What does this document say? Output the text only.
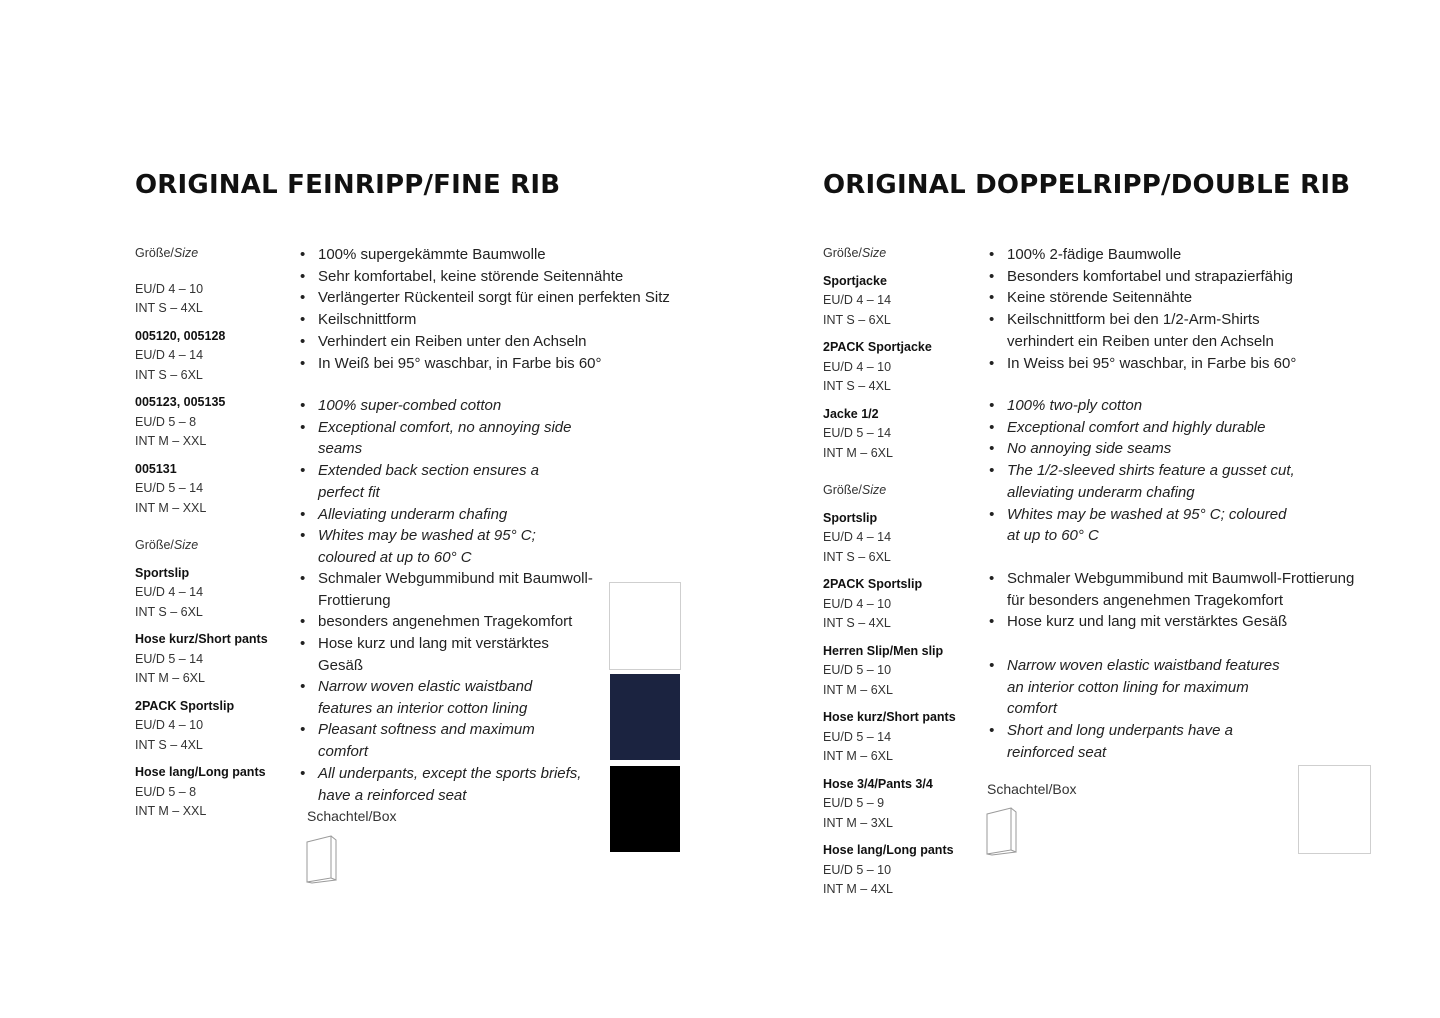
ORIGINAL FEINRIPP/FINE RIB
Größe/Size
EU/D 4 – 10
INT S – 4XL
005120, 005128
EU/D 4 – 14
INT S – 6XL
005123, 005135
EU/D 5 – 8
INT M – XXL
005131
EU/D 5 – 14
INT M – XXL
Größe/Size
Sportslip
EU/D 4 – 14
INT S – 6XL
Hose kurz/Short pants
EU/D 5 – 14
INT M – 6XL
2PACK Sportslip
EU/D 4 – 10
INT S – 4XL
Hose lang/Long pants
EU/D 5 – 8
INT M – XXL
• 100% supergekämmte Baumwolle
• Sehr komfortabel, keine störende Seitennähte
• Verlängerter Rückenteil sorgt für einen perfekten Sitz
• Keilschnittform
• Verhindert ein Reiben unter den Achseln
• In Weiß bei 95° waschbar, in Farbe bis 60°
• 100% super-combed cotton
• Exceptional comfort, no annoying side seams
• Extended back section ensures a perfect fit
• Alleviating underarm chafing
• Whites may be washed at 95° C; coloured at up to 60° C
• Schmaler Webgummibund mit Baumwoll-Frottierung
• besonders angenehmen Tragekomfort
• Hose kurz und lang mit verstärktes Gesäß
• Narrow woven elastic waistband features an interior cotton lining
• Pleasant softness and maximum comfort
• All underpants, except the sports briefs, have a reinforced seat
Schachtel/Box
ORIGINAL DOPPELRIPP/DOUBLE RIB
Größe/Size
Sportjacke
EU/D 4 – 14
INT S – 6XL
2PACK Sportjacke
EU/D 4 – 10
INT S – 4XL
Jacke 1/2
EU/D 5 – 14
INT M – 6XL
Größe/Size
Sportslip
EU/D 4 – 14
INT S – 6XL
2PACK Sportslip
EU/D 4 – 10
INT S – 4XL
Herren Slip/Men slip
EU/D 5 – 10
INT M – 6XL
Hose kurz/Short pants
EU/D 5 – 14
INT M – 6XL
Hose 3/4/Pants 3/4
EU/D 5 – 9
INT M – 3XL
Hose lang/Long pants
EU/D 5 – 10
INT M – 4XL
• 100% 2-fädige Baumwolle
• Besonders komfortabel und strapazierfähig
• Keine störende Seitennähte
• Keilschnittform bei den 1/2-Arm-Shirts verhindert ein Reiben unter den Achseln
• In Weiss bei 95° waschbar, in Farbe bis 60°
• 100% two-ply cotton
• Exceptional comfort and highly durable
• No annoying side seams
• The 1/2-sleeved shirts feature a gusset cut, alleviating underarm chafing
• Whites may be washed at 95° C; coloured at up to 60° C
• Schmaler Webgummibund mit Baumwoll-Frottierung für besonders angenehmen Tragekomfort
• Hose kurz und lang mit verstärktes Gesäß
• Narrow woven elastic waistband features an interior cotton lining for maximum comfort
• Short and long underpants have a reinforced seat
Schachtel/Box
